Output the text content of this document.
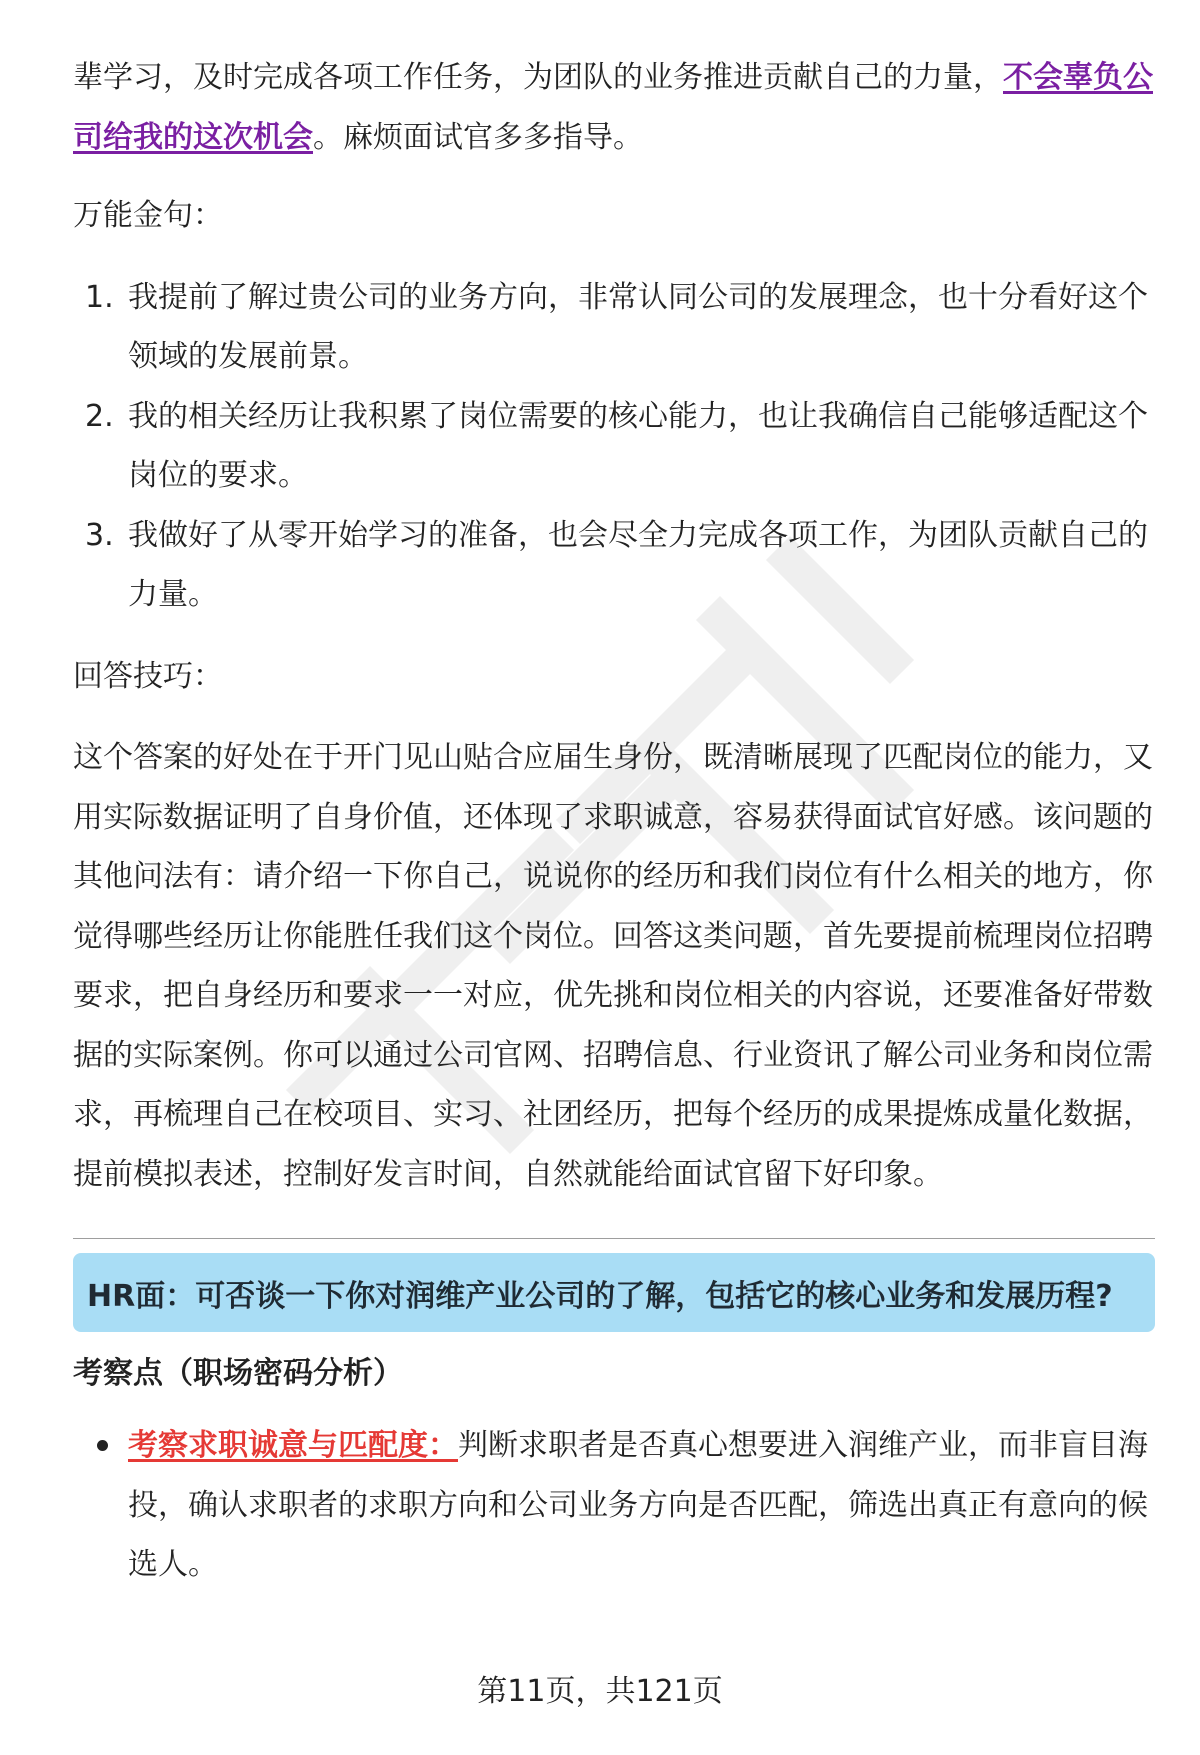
辈学习，及时完成各项工作任务，为团队的业务推进贡献自己的力量，不会辜负公司给我的这次机会。麻烦面试官多多指导。

万能金句：

1. 我提前了解过贵公司的业务方向，非常认同公司的发展理念，也十分看好这个领域的发展前景。
2. 我的相关经历让我积累了岗位需要的核心能力，也让我确信自己能够适配这个岗位的要求。
3. 我做好了从零开始学习的准备，也会尽全力完成各项工作，为团队贡献自己的力量。

回答技巧：

这个答案的好处在于开门见山贴合应届生身份，既清晰展现了匹配岗位的能力，又用实际数据证明了自身价值，还体现了求职诚意，容易获得面试官好感。该问题的其他问法有：请介绍一下你自己，说说你的经历和我们岗位有什么相关的地方，你觉得哪些经历让你能胜任我们这个岗位。回答这类问题，首先要提前梳理岗位招聘要求，把自身经历和要求一一对应，优先挑和岗位相关的内容说，还要准备好带数据的实际案例。你可以通过公司官网、招聘信息、行业资讯了解公司业务和岗位需求，再梳理自己在校项目、实习、社团经历，把每个经历的成果提炼成量化数据，提前模拟表述，控制好发言时间，自然就能给面试官留下好印象。

HR面：可否谈一下你对润维产业公司的了解，包括它的核心业务和发展历程?
考察点（职场密码分析）
考察求职诚意与匹配度：判断求职者是否真心想要进入润维产业，而非盲目海投，确认求职者的求职方向和公司业务方向是否匹配，筛选出真正有意向的候选人。
第11页，共121页
